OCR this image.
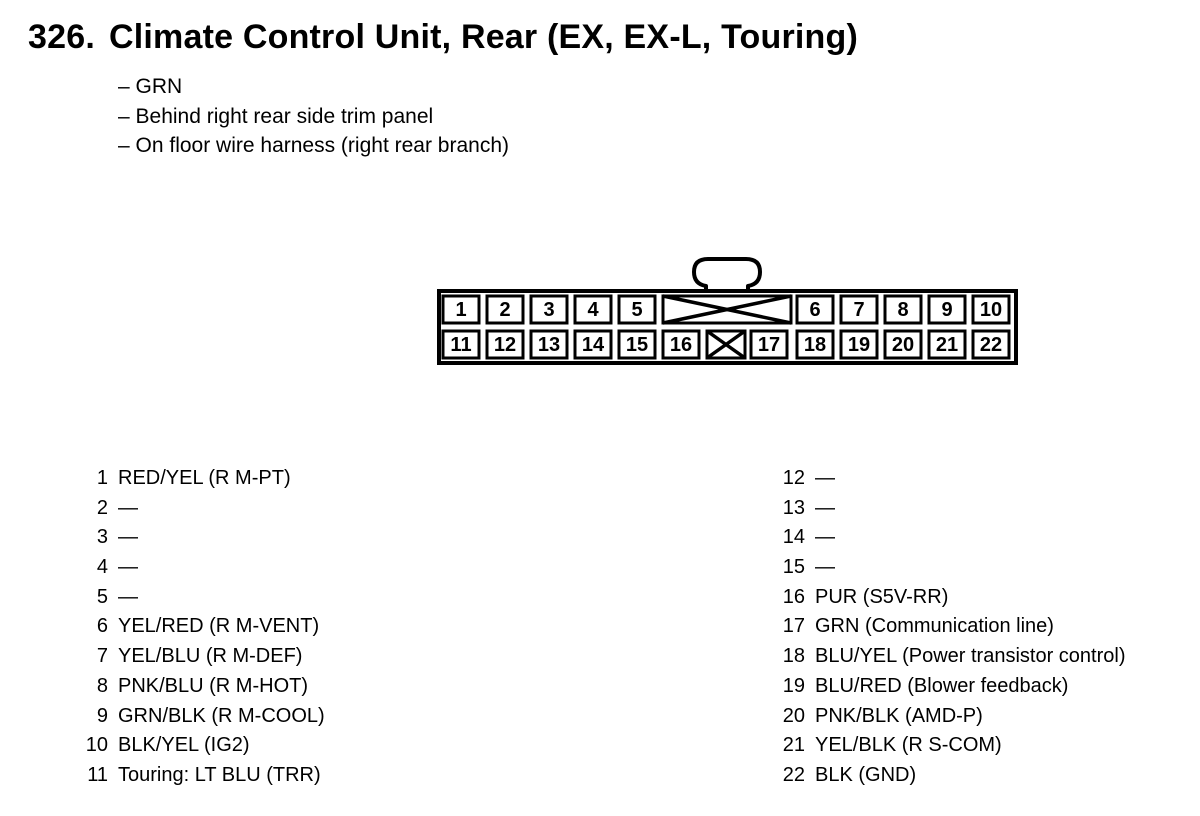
326. Climate Control Unit, Rear (EX, EX-L, Touring)
– GRN
– Behind right rear side trim panel
– On floor wire harness (right rear branch)
1 2 3 4 5	6 7 8 9 10
11 12 13 14 15 16	17 18 19 20 21 22
1 RED/YEL (R M-PT)
2 —
3 —
4 —
5 —
6 YEL/RED (R M-VENT)
7 YEL/BLU (R M-DEF)
8 PNK/BLU (R M-HOT)
9 GRN/BLK (R M-COOL)
10 BLK/YEL (IG2)
11 Touring: LT BLU (TRR)
12 —
13 —
14 —
15 —
16 PUR (S5V-RR)
17 GRN (Communication line)
18 BLU/YEL (Power transistor control)
19 BLU/RED (Blower feedback)
20 PNK/BLK (AMD-P)
21 YEL/BLK (R S-COM)
22 BLK (GND)
